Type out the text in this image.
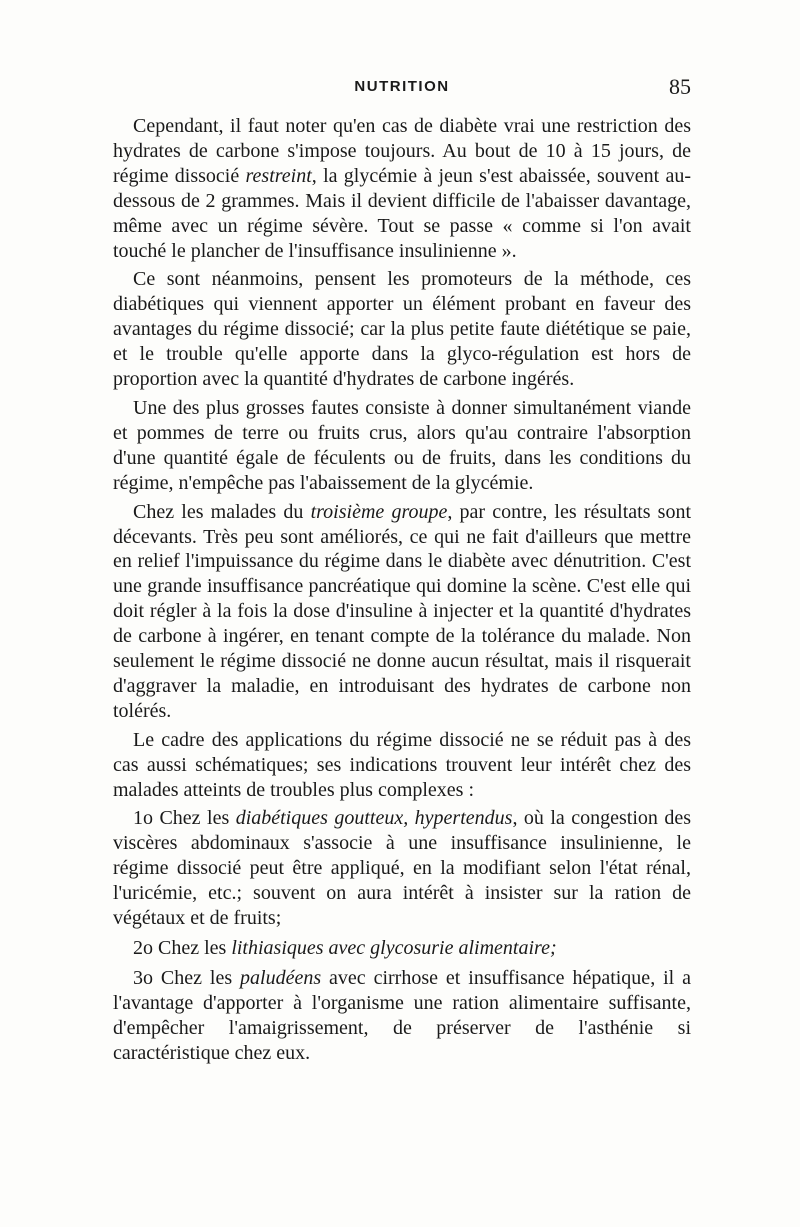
NUTRITION	85

Cependant, il faut noter qu'en cas de diabète vrai une restriction des hydrates de carbone s'impose toujours. Au bout de 10 à 15 jours, de régime dissocié restreint, la glycémie à jeun s'est abaissée, souvent au-dessous de 2 grammes. Mais il devient difficile de l'abaisser davantage, même avec un régime sévère. Tout se passe « comme si l'on avait touché le plancher de l'insuffisance insulinienne ».

Ce sont néanmoins, pensent les promoteurs de la méthode, ces diabétiques qui viennent apporter un élément probant en faveur des avantages du régime dissocié; car la plus petite faute diététique se paie, et le trouble qu'elle apporte dans la glyco-régulation est hors de proportion avec la quantité d'hydrates de carbone ingérés.

Une des plus grosses fautes consiste à donner simultanément viande et pommes de terre ou fruits crus, alors qu'au contraire l'absorption d'une quantité égale de féculents ou de fruits, dans les conditions du régime, n'empêche pas l'abaissement de la glycémie.

Chez les malades du troisième groupe, par contre, les résultats sont décevants. Très peu sont améliorés, ce qui ne fait d'ailleurs que mettre en relief l'impuissance du régime dans le diabète avec dénutrition. C'est une grande insuffisance pancréatique qui domine la scène. C'est elle qui doit régler à la fois la dose d'insuline à injecter et la quantité d'hydrates de carbone à ingérer, en tenant compte de la tolérance du malade. Non seulement le régime dissocié ne donne aucun résultat, mais il risquerait d'aggraver la maladie, en introduisant des hydrates de carbone non tolérés.

Le cadre des applications du régime dissocié ne se réduit pas à des cas aussi schématiques; ses indications trouvent leur intérêt chez des malades atteints de troubles plus complexes :

1o Chez les diabétiques goutteux, hypertendus, où la congestion des viscères abdominaux s'associe à une insuffisance insulinienne, le régime dissocié peut être appliqué, en la modifiant selon l'état rénal, l'uricémie, etc.; souvent on aura intérêt à insister sur la ration de végétaux et de fruits;

2o Chez les lithiasiques avec glycosurie alimentaire;

3o Chez les paludéens avec cirrhose et insuffisance hépatique, il a l'avantage d'apporter à l'organisme une ration alimentaire suffisante, d'empêcher l'amaigrissement, de préserver de l'asthénie si caractéristique chez eux.
